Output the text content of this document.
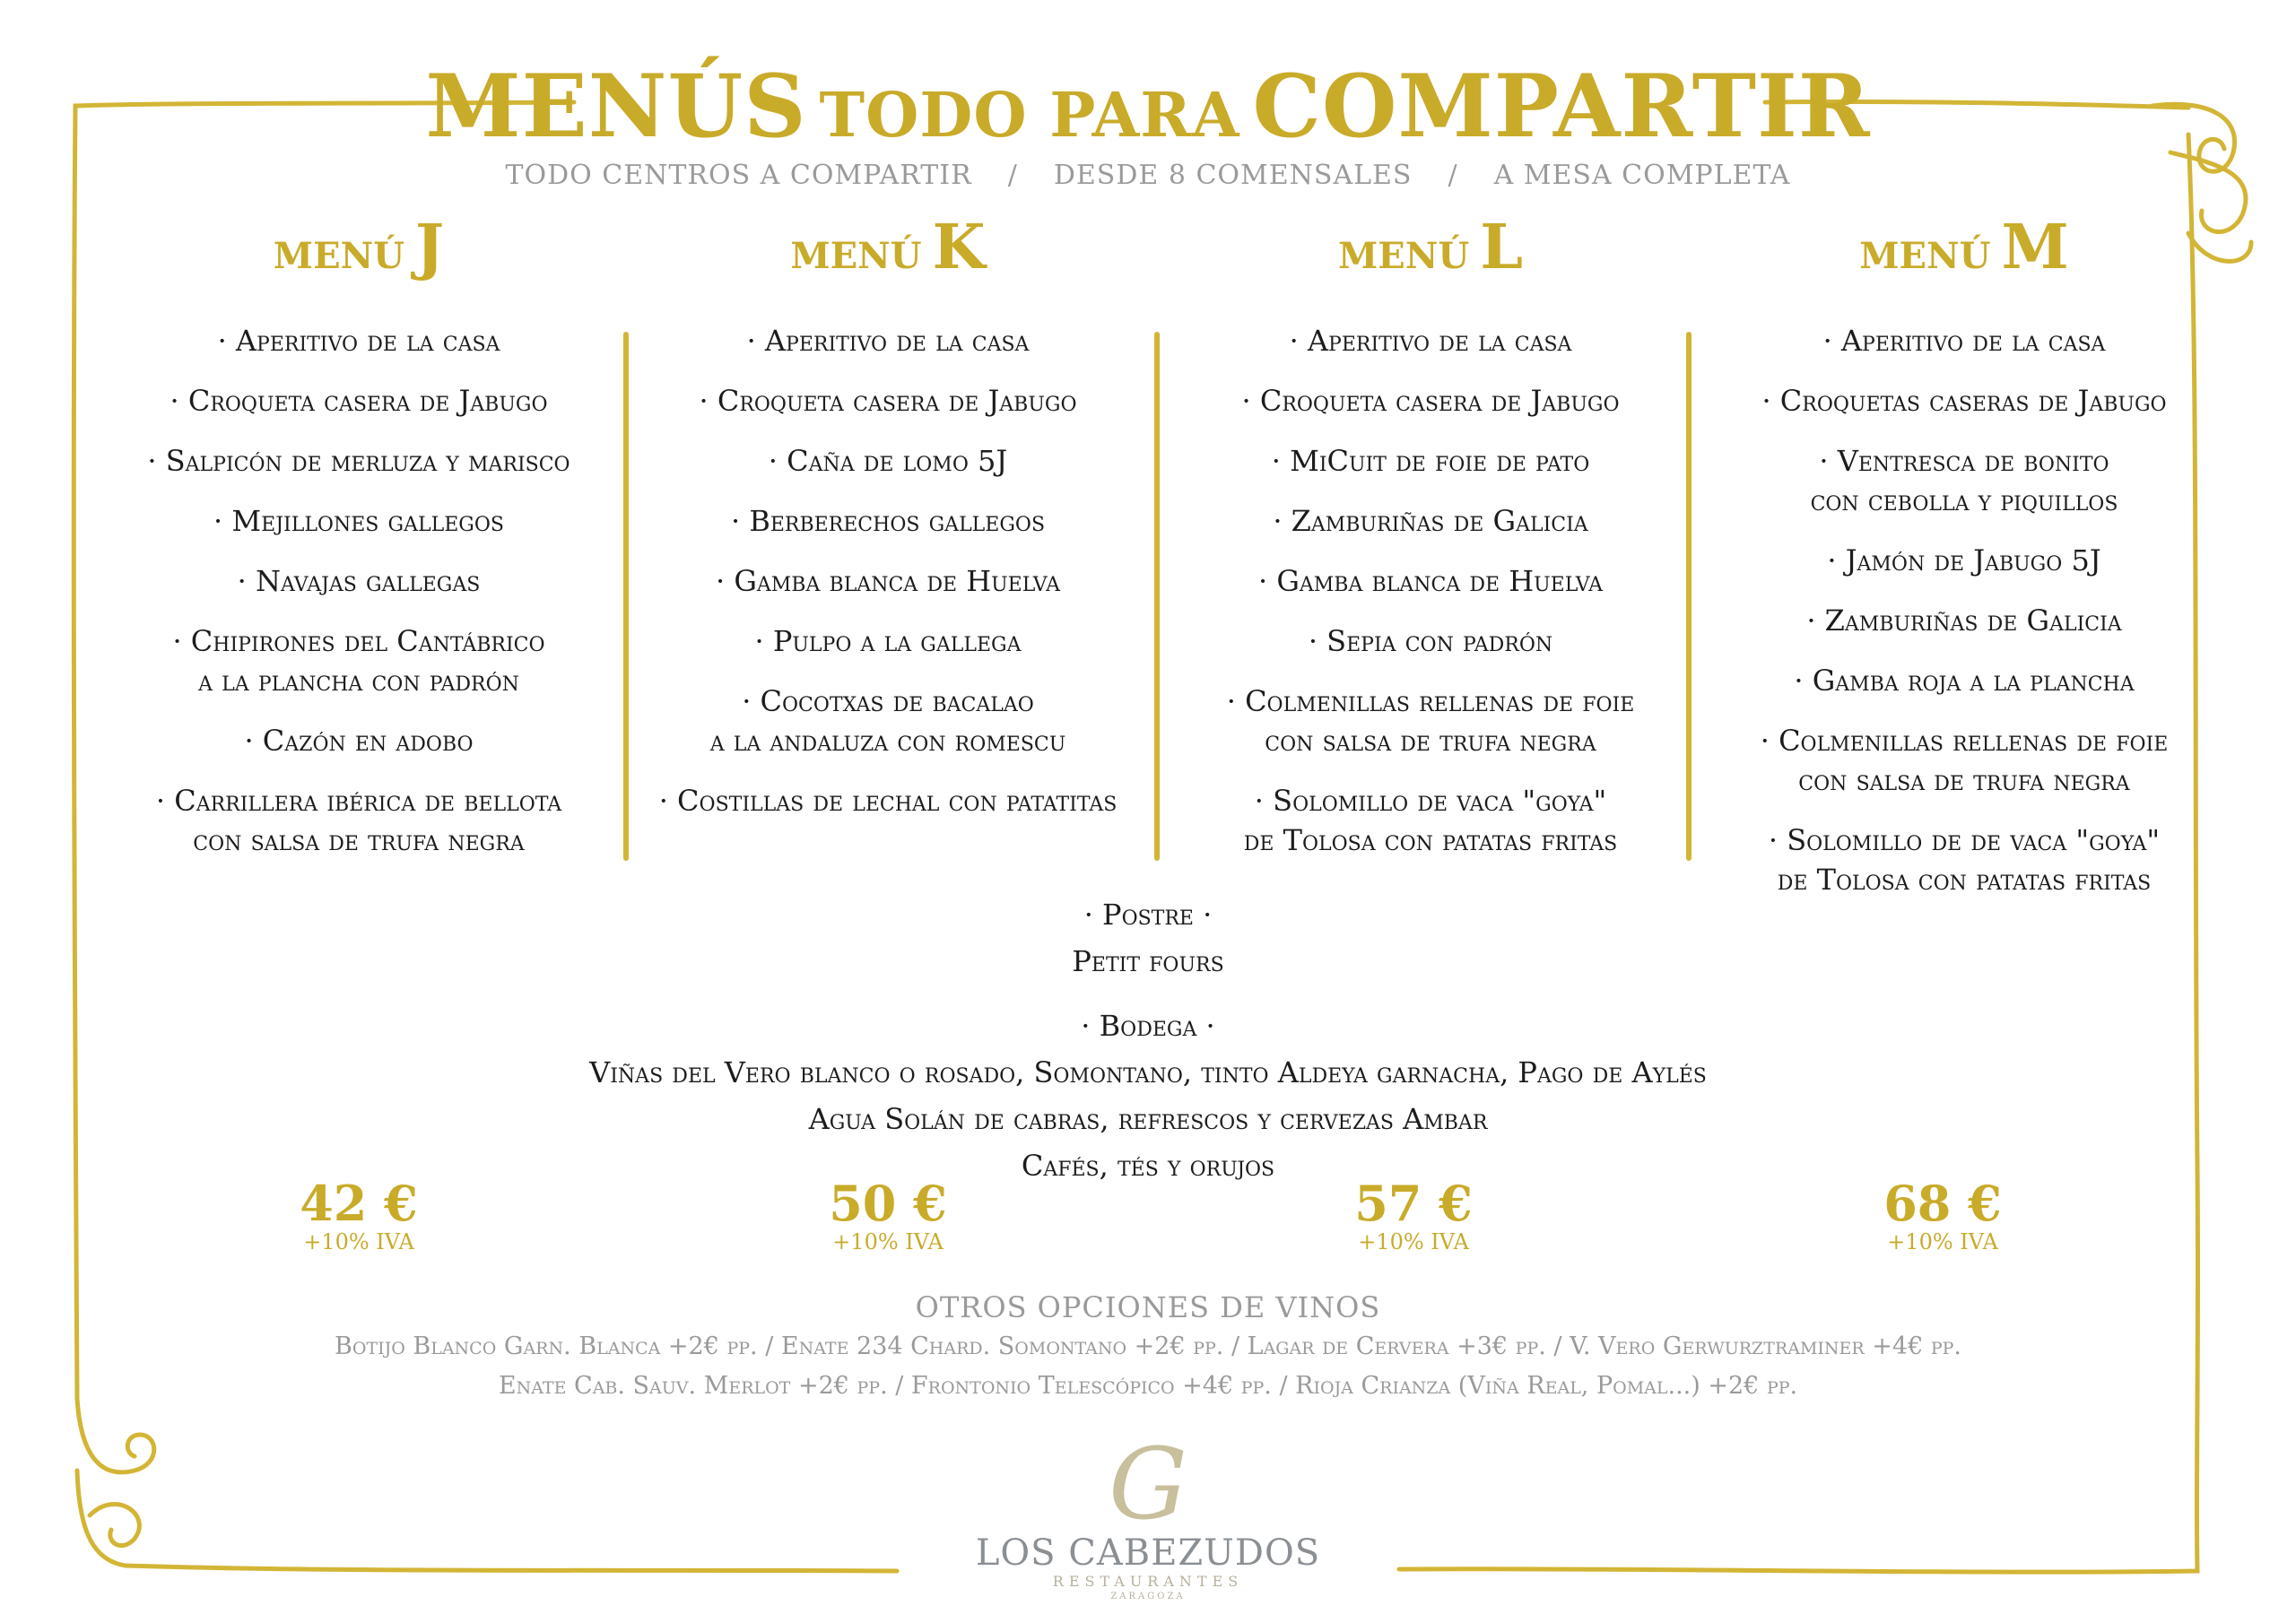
MENÚS TODO PARA COMPARTIR
TODO CENTROS A COMPARTIR / DESDE 8 COMENSALES / A MESA COMPLETA
MENÚ J
· Aperitivo de la casa
· Croqueta casera de Jabugo
· Salpicón de merluza y marisco
· Mejillones gallegos
· Navajas gallegas
· Chipirones del Cantábrico
a la plancha con padrón
· Cazón en adobo
· Carrillera ibérica de bellota
con salsa de trufa negra
MENÚ K
· Aperitivo de la casa
· Croqueta casera de Jabugo
· Caña de lomo 5J
· Berberechos gallegos
· Gamba blanca de Huelva
· Pulpo a la gallega
· Cocotxas de bacalao
a la andaluza con romescu
· Costillas de lechal con patatitas
MENÚ L
· Aperitivo de la casa
· Croqueta casera de Jabugo
· MiCuit de foie de pato
· Zamburiñas de Galicia
· Gamba blanca de Huelva
· Sepia con padrón
· Colmenillas rellenas de foie
con salsa de trufa negra
· Solomillo de vaca "goya"
de Tolosa con patatas fritas
MENÚ M
· Aperitivo de la casa
· Croquetas caseras de Jabugo
· Ventresca de bonito
con cebolla y piquillos
· Jamón de Jabugo 5J
· Zamburiñas de Galicia
· Gamba roja a la plancha
· Colmenillas rellenas de foie
con salsa de trufa negra
· Solomillo de de vaca "goya"
de Tolosa con patatas fritas
· Postre ·
Petit fours
· Bodega ·
Viñas del Vero blanco o rosado, Somontano, tinto Aldeya garnacha, Pago de Aylés
Agua Solán de cabras, refrescos y cervezas Ambar
Cafés, tés y orujos
42 €
+10% IVA
50 €
+10% IVA
57 €
+10% IVA
68 €
+10% IVA
OTROS OPCIONES DE VINOS
Botijo Blanco Garn. Blanca +2€ pp. / Enate 234 Chard. Somontano +2€ pp. / Lagar de Cervera +3€ pp. / V. Vero Gerwurztraminer +4€ pp.
Enate Cab. Sauv. Merlot +2€ pp. / Frontonio Telescópico +4€ pp. / Rioja Crianza (Viña Real, Pomal...) +2€ pp.
G
LOS CABEZUDOS
RESTAURANTES
ZARAGOZA
